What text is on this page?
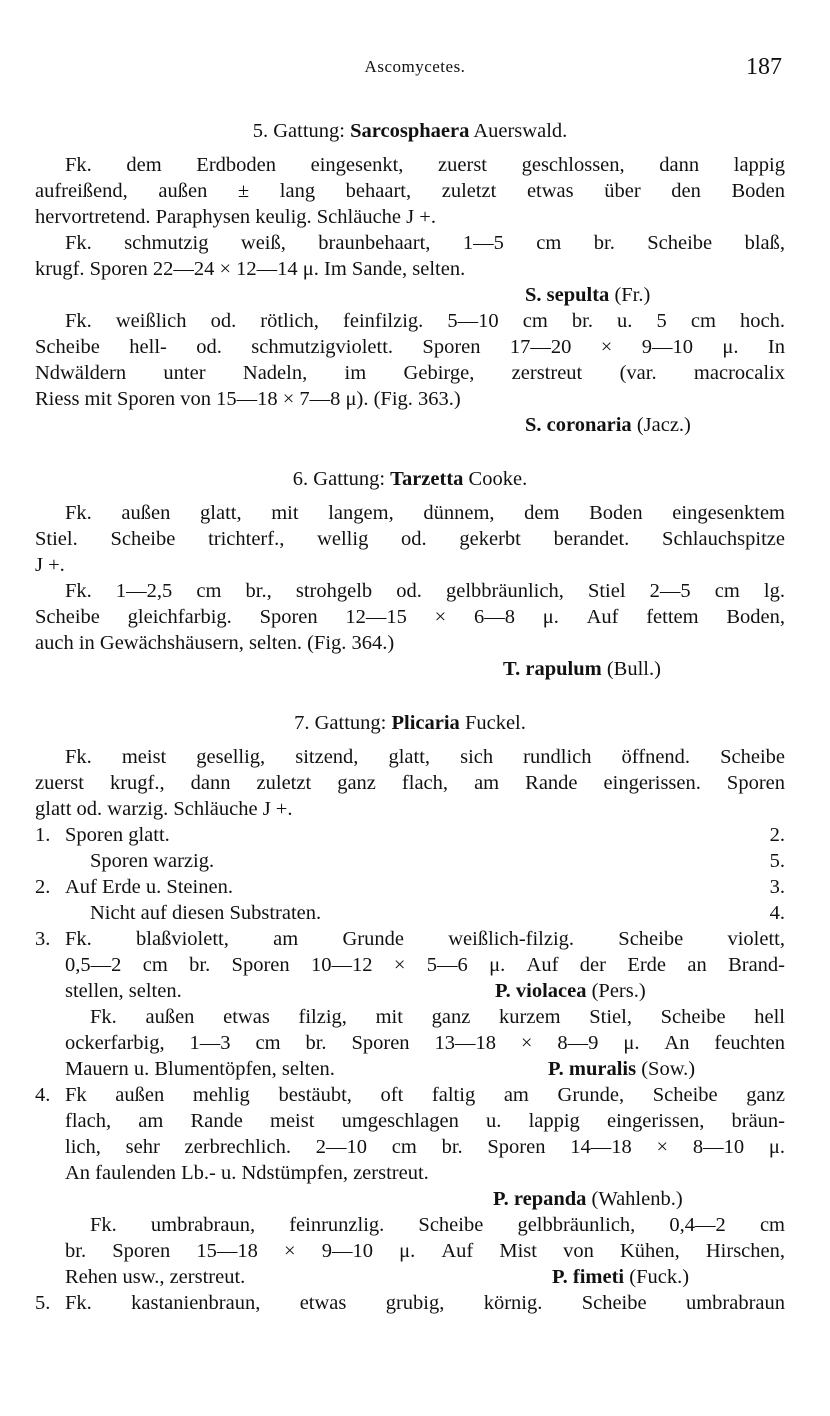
Ascomycetes.	187
5. Gattung: Sarcosphaera Auerswald.
Fk. dem Erdboden eingesenkt, zuerst geschlossen, dann lappig
aufreißend, außen ± lang behaart, zuletzt etwas über den Boden
hervortretend. Paraphysen keulig. Schläuche J +.
Fk. schmutzig weiß, braunbehaart, 1—5 cm br. Scheibe blaß,
krugf. Sporen 22—24 × 12—14 μ. Im Sande, selten.
S. sepulta (Fr.)
Fk. weißlich od. rötlich, feinfilzig. 5—10 cm br. u. 5 cm hoch.
Scheibe hell- od. schmutzigviolett. Sporen 17—20 × 9—10 μ. In
Ndwäldern unter Nadeln, im Gebirge, zerstreut (var. macrocalix
Riess mit Sporen von 15—18 × 7—8 μ). (Fig. 363.)
S. coronaria (Jacz.)
6. Gattung: Tarzetta Cooke.
Fk. außen glatt, mit langem, dünnem, dem Boden eingesenktem
Stiel. Scheibe trichterf., wellig od. gekerbt berandet. Schlauchspitze
J +.
Fk. 1—2,5 cm br., strohgelb od. gelbbräunlich, Stiel 2—5 cm lg.
Scheibe gleichfarbig. Sporen 12—15 × 6—8 μ. Auf fettem Boden,
auch in Gewächshäusern, selten. (Fig. 364.)
T. rapulum (Bull.)
7. Gattung: Plicaria Fuckel.
Fk. meist gesellig, sitzend, glatt, sich rundlich öffnend. Scheibe
zuerst krugf., dann zuletzt ganz flach, am Rande eingerissen. Sporen
glatt od. warzig. Schläuche J +.
1. Sporen glatt.	2.
Sporen warzig.	5.
2. Auf Erde u. Steinen.	3.
Nicht auf diesen Substraten.	4.
3. Fk. blaßviolett, am Grunde weißlich-filzig. Scheibe violett,
0,5—2 cm br. Sporen 10—12 × 5—6 μ. Auf der Erde an Brand-
stellen, selten.	P. violacea (Pers.)
Fk. außen etwas filzig, mit ganz kurzem Stiel, Scheibe hell
ockerfarbig, 1—3 cm br. Sporen 13—18 × 8—9 μ. An feuchten
Mauern u. Blumentöpfen, selten.	P. muralis (Sow.)
4. Fk außen mehlig bestäubt, oft faltig am Grunde, Scheibe ganz
flach, am Rande meist umgeschlagen u. lappig eingerissen, bräun-
lich, sehr zerbrechlich. 2—10 cm br. Sporen 14—18 × 8—10 μ.
An faulenden Lb.- u. Ndstümpfen, zerstreut.
P. repanda (Wahlenb.)
Fk. umbrabraun, feinrunzlig. Scheibe gelbbräunlich, 0,4—2 cm
br. Sporen 15—18 × 9—10 μ. Auf Mist von Kühen, Hirschen,
Rehen usw., zerstreut.	P. fimeti (Fuck.)
5. Fk. kastanienbraun, etwas grubig, körnig. Scheibe umbrabraun
